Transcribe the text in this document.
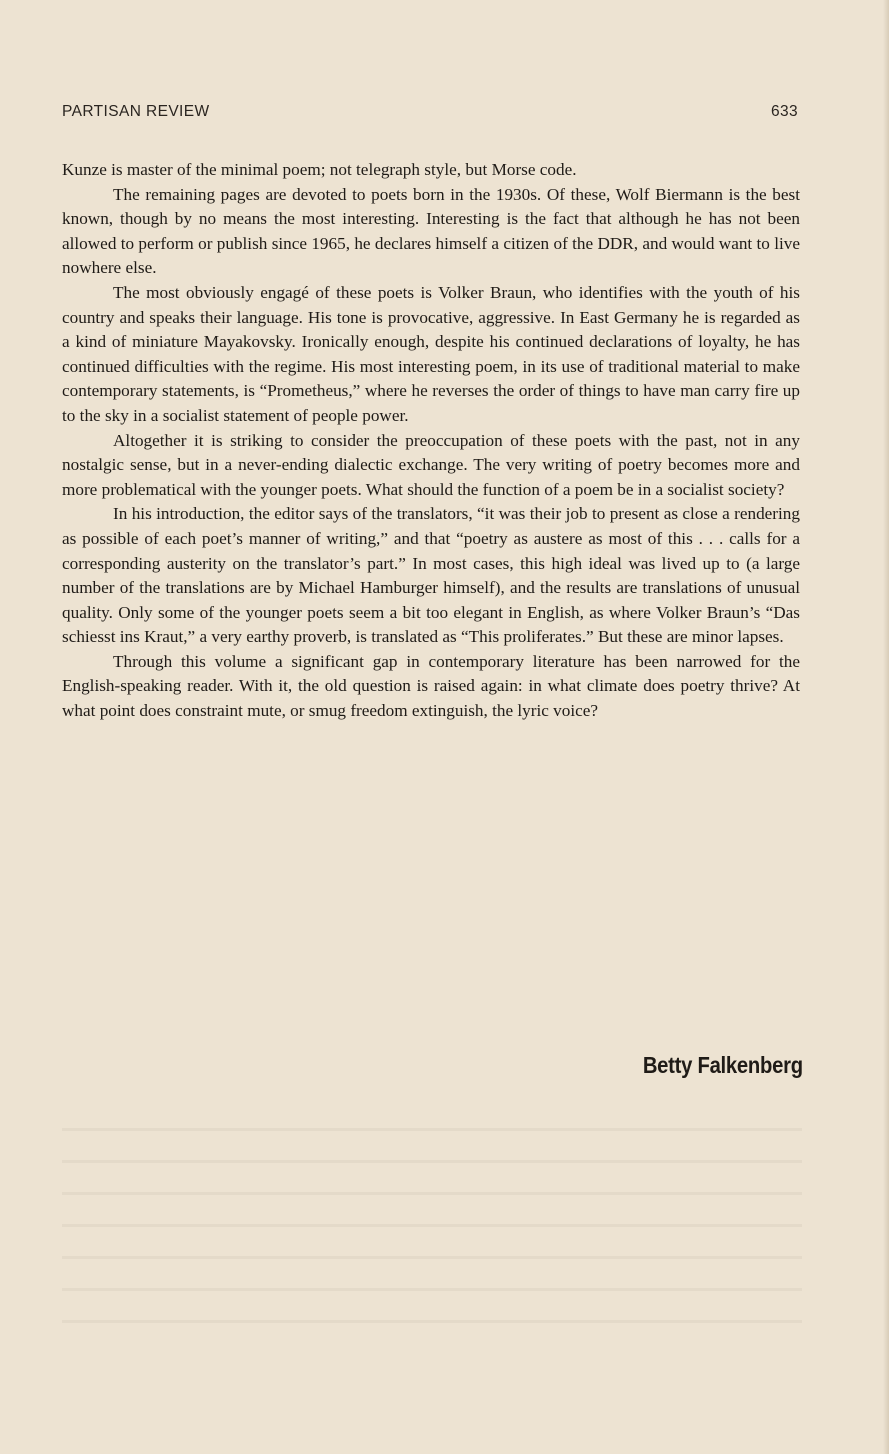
PARTISAN REVIEW	633

Kunze is master of the minimal poem; not telegraph style, but Morse code.

The remaining pages are devoted to poets born in the 1930s. Of these, Wolf Biermann is the best known, though by no means the most interesting. Interesting is the fact that although he has not been allowed to perform or publish since 1965, he declares himself a citizen of the DDR, and would want to live nowhere else.

The most obviously engagé of these poets is Volker Braun, who identifies with the youth of his country and speaks their language. His tone is provocative, aggressive. In East Germany he is regarded as a kind of miniature Mayakovsky. Ironically enough, despite his continued declarations of loyalty, he has continued difficulties with the regime. His most interesting poem, in its use of traditional material to make contemporary statements, is “Prometheus,” where he reverses the order of things to have man carry fire up to the sky in a socialist statement of people power.

Altogether it is striking to consider the preoccupation of these poets with the past, not in any nostalgic sense, but in a never-ending dialectic exchange. The very writing of poetry becomes more and more problematical with the younger poets. What should the function of a poem be in a socialist society?

In his introduction, the editor says of the translators, “it was their job to present as close a rendering as possible of each poet’s manner of writing,” and that “poetry as austere as most of this . . . calls for a corresponding austerity on the translator’s part.” In most cases, this high ideal was lived up to (a large number of the translations are by Michael Hamburger himself), and the results are translations of unusual quality. Only some of the younger poets seem a bit too elegant in English, as where Volker Braun’s “Das schiesst ins Kraut,” a very earthy proverb, is translated as “This proliferates.” But these are minor lapses.

Through this volume a significant gap in contemporary literature has been narrowed for the English-speaking reader. With it, the old question is raised again: in what climate does poetry thrive? At what point does constraint mute, or smug freedom extinguish, the lyric voice?

Betty Falkenberg
